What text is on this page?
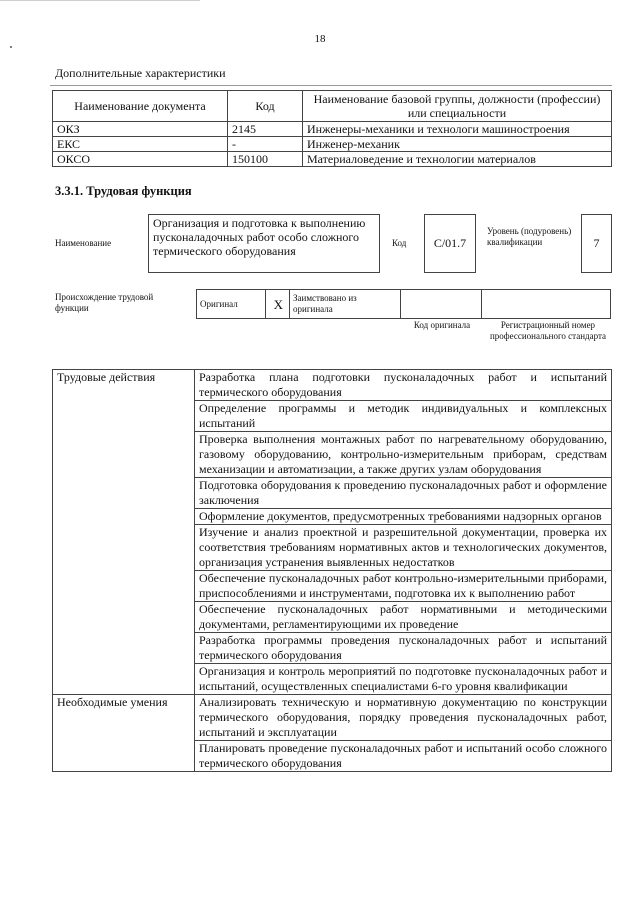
18
Дополнительные характеристики
Наименование документа	Код	Наименование базовой группы, должности (профессии) или специальности
ОКЗ	2145	Инженеры-механики и технологи машиностроения
ЕКС	-	Инженер-механик
ОКСО	150100	Материаловедение и технологии материалов
3.3.1. Трудовая функция
Наименование
Организация и подготовка к выполнению пусконаладочных работ особо сложного термического оборудования
Код	C/01.7
Уровень (подуровень) квалификации	7
Происхождение трудовой функции	Оригинал	X	Заимствовано из оригинала		
Код оригинала	Регистрационный номер профессионального стандарта
Трудовые действия	Разработка плана подготовки пусконаладочных работ и испытаний термического оборудования
	Определение программы и методик индивидуальных и комплексных испытаний
	Проверка выполнения монтажных работ по нагревательному оборудованию, газовому оборудованию, контрольно-измерительным приборам, средствам механизации и автоматизации, а также других узлам оборудования
	Подготовка оборудования к проведению пусконаладочных работ и оформление заключения
	Оформление документов, предусмотренных требованиями надзорных органов
	Изучение и анализ проектной и разрешительной документации, проверка их соответствия требованиям нормативных актов и технологических документов, организация устранения выявленных недостатков
	Обеспечение пусконаладочных работ контрольно-измерительными приборами, приспособлениями и инструментами, подготовка их к выполнению работ
	Обеспечение пусконаладочных работ нормативными и методическими документами, регламентирующими их проведение
	Разработка программы проведения пусконаладочных работ и испытаний термического оборудования
	Организация и контроль мероприятий по подготовке пусконаладочных работ и испытаний, осуществленных специалистами 6-го уровня квалификации
Необходимые умения	Анализировать техническую и нормативную документацию по конструкции термического оборудования, порядку проведения пусконаладочных работ, испытаний и эксплуатации
	Планировать проведение пусконаладочных работ и испытаний особо сложного термического оборудования
